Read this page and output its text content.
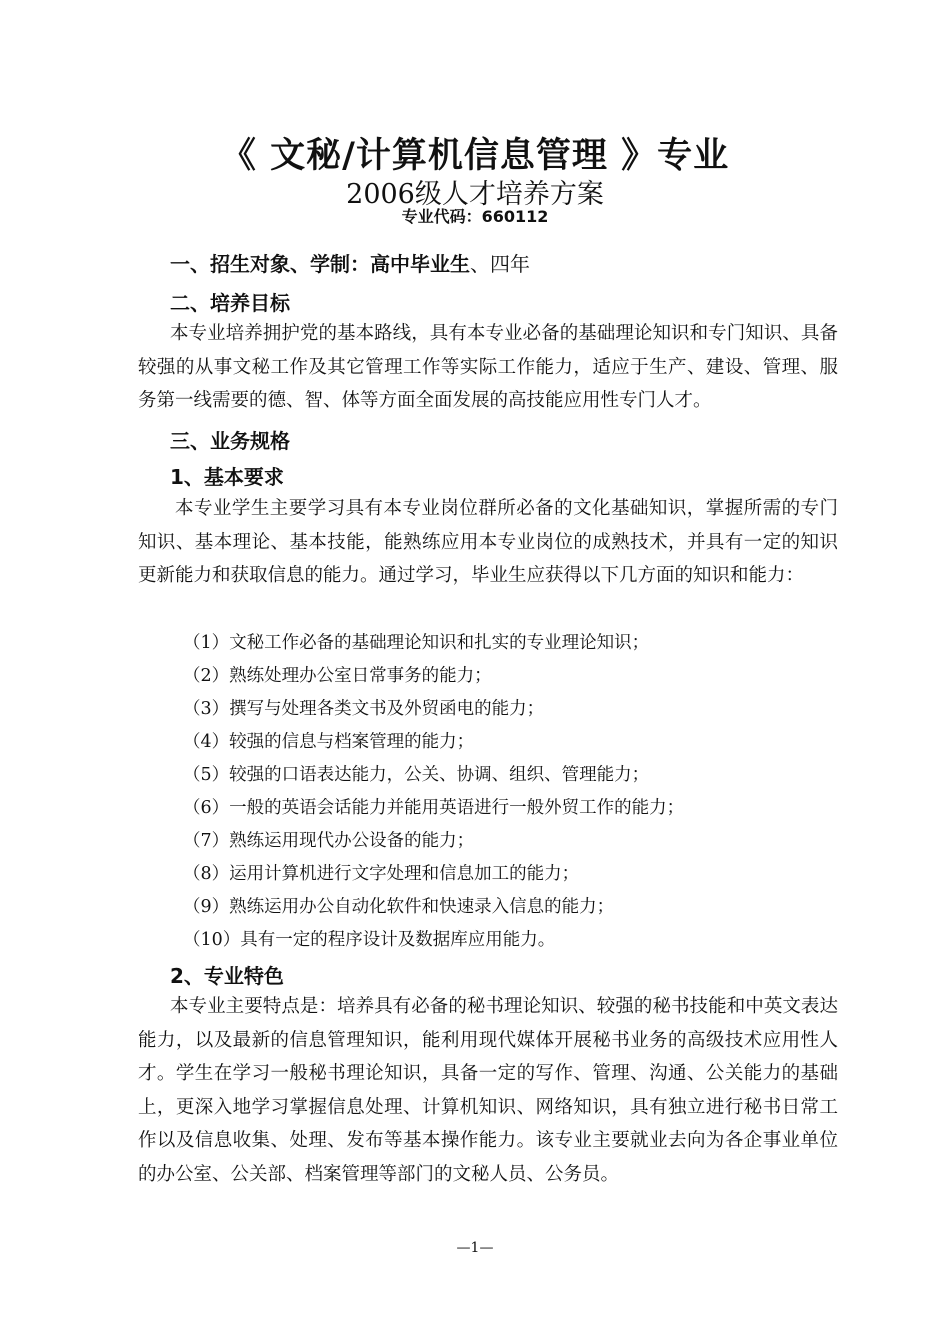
《 文秘/计算机信息管理 》专业
2006级人才培养方案
专业代码：660112
一、招生对象、学制：高中毕业生、四年
二、培养目标
本专业培养拥护党的基本路线，具有本专业必备的基础理论知识和专门知识、具备较强的从事文秘工作及其它管理工作等实际工作能力，适应于生产、建设、管理、服务第一线需要的德、智、体等方面全面发展的高技能应用性专门人才。
三、业务规格
1、基本要求
本专业学生主要学习具有本专业岗位群所必备的文化基础知识，掌握所需的专门知识、基本理论、基本技能，能熟练应用本专业岗位的成熟技术，并具有一定的知识更新能力和获取信息的能力。通过学习，毕业生应获得以下几方面的知识和能力：
（1）文秘工作必备的基础理论知识和扎实的专业理论知识；
（2）熟练处理办公室日常事务的能力；
（3）撰写与处理各类文书及外贸函电的能力；
（4）较强的信息与档案管理的能力；
（5）较强的口语表达能力，公关、协调、组织、管理能力；
（6）一般的英语会话能力并能用英语进行一般外贸工作的能力；
（7）熟练运用现代办公设备的能力；
（8）运用计算机进行文字处理和信息加工的能力；
（9）熟练运用办公自动化软件和快速录入信息的能力；
（10）具有一定的程序设计及数据库应用能力。
2、专业特色
本专业主要特点是：培养具有必备的秘书理论知识、较强的秘书技能和中英文表达能力，以及最新的信息管理知识，能利用现代媒体开展秘书业务的高级技术应用性人才。学生在学习一般秘书理论知识，具备一定的写作、管理、沟通、公关能力的基础上，更深入地学习掌握信息处理、计算机知识、网络知识，具有独立进行秘书日常工作以及信息收集、处理、发布等基本操作能力。该专业主要就业去向为各企事业单位的办公室、公关部、档案管理等部门的文秘人员、公务员。
—1—
